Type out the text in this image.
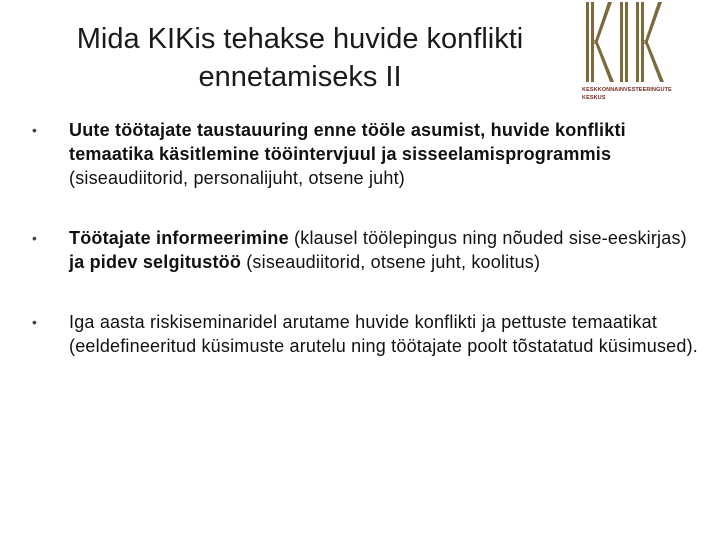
Mida KIKis tehakse huvide konflikti
ennetamiseks II	KESKKONNAINVESTEERINGUTE
KESKUS
•	Uute töötajate taustauuring enne tööle asumist, huvide konflikti temaatika käsitlemine tööintervjuul ja sisseelamisprogrammis (siseaudiitorid, personalijuht, otsene juht)
•	Töötajate informeerimine (klausel töölepingus ning nõuded sise-eeskirjas) ja pidev selgitustöö (siseaudiitorid, otsene juht, koolitus)
•	Iga aasta riskiseminaridel arutame huvide konflikti ja pettuste temaatikat (eeldefineeritud küsimuste arutelu ning töötajate poolt tõstatatud küsimused).
